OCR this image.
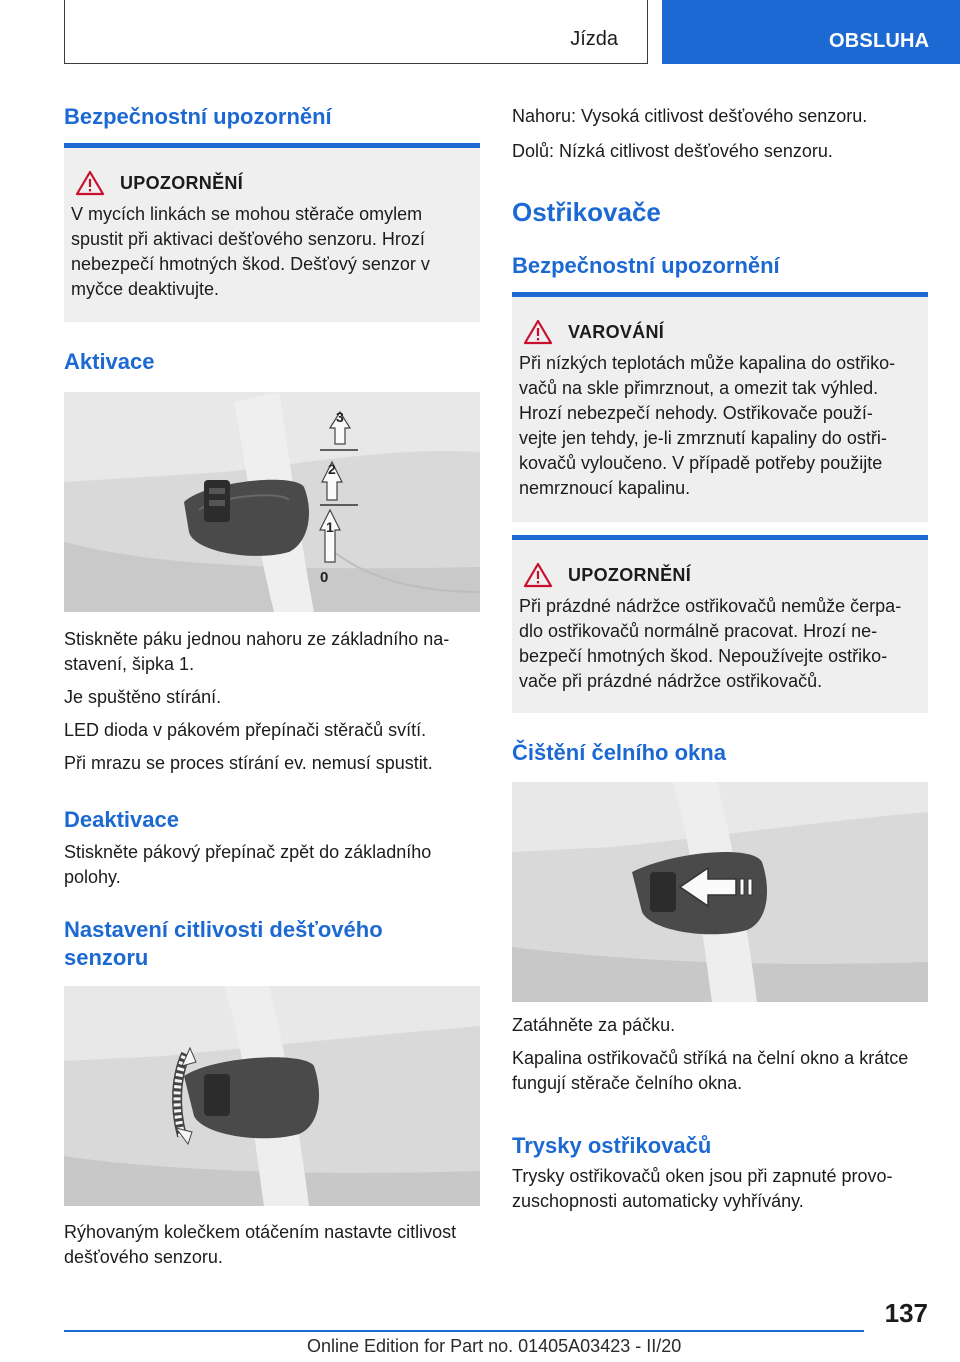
Jízda	OBSLUHA
Bezpečnostní upozornění
UPOZORNĚNÍ

V mycích linkách se mohou stěrače omylem

spustit při aktivaci dešťového senzoru. Hrozí

nebezpečí hmotných škod. Dešťový senzor v

myčce deaktivujte.

Aktivace
3
2
1
0

Stiskněte páku jednou nahoru ze základního na-

stavení, šipka 1.

Je spuštěno stírání.

LED dioda v pákovém přepínači stěračů svítí.

Při mrazu se proces stírání ev. nemusí spustit.

Deaktivace

Stiskněte pákový přepínač zpět do základního

polohy.

Nastavení citlivosti dešťového
senzoru

Rýhovaným kolečkem otáčením nastavte citlivost

dešťového senzoru.

Nahoru: Vysoká citlivost dešťového senzoru.

Dolů: Nízká citlivost dešťového senzoru.

Ostřikovače
Bezpečnostní upozornění
VAROVÁNÍ

Při nízkých teplotách může kapalina do ostřiko-

vačů na skle přimrznout, a omezit tak výhled.

Hrozí nebezpečí nehody. Ostřikovače použí-

vejte jen tehdy, je-li zmrznutí kapaliny do ostři-

kovačů vyloučeno. V případě potřeby použijte

nemrznoucí kapalinu.

UPOZORNĚNÍ

Při prázdné nádržce ostřikovačů nemůže čerpa-

dlo ostřikovačů normálně pracovat. Hrozí ne-

bezpečí hmotných škod. Nepoužívejte ostřiko-

vače při prázdné nádržce ostřikovačů.

Čištění čelního okna

Zatáhněte za páčku.

Kapalina ostřikovačů stříká na čelní okno a krátce

fungují stěrače čelního okna.

Trysky ostřikovačů

Trysky ostřikovačů oken jsou při zapnuté provo-

zuschopnosti automaticky vyhřívány.

137
Online Edition for Part no. 01405A03423 - II/20
